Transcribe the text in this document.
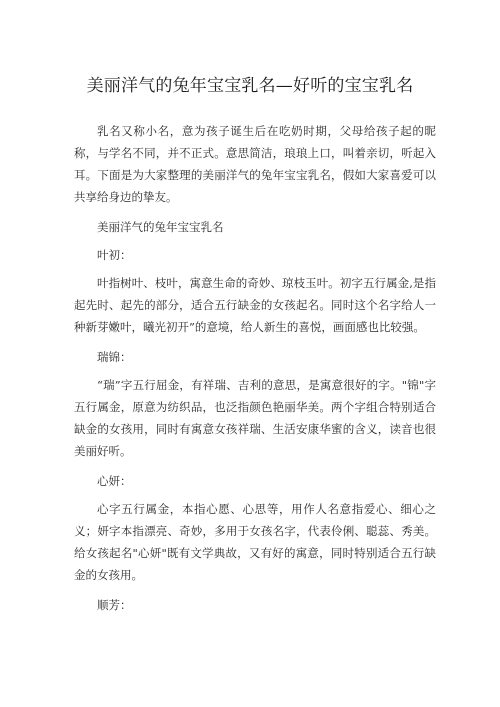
美丽洋气的兔年宝宝乳名—好听的宝宝乳名

乳名又称小名，意为孩子诞生后在吃奶时期，父母给孩子起的昵称，与学名不同，并不正式。意思简洁，琅琅上口，叫着亲切，听起入耳。下面是为大家整理的美丽洋气的兔年宝宝乳名，假如大家喜爱可以共享给身边的挚友。

美丽洋气的兔年宝宝乳名

叶初：

叶指树叶、枝叶，寓意生命的奇妙、琼枝玉叶。初字五行属金,是指起先时、起先的部分，适合五行缺金的女孩起名。同时这个名字给人一种新芽嫩叶，曦光初开”的意境，给人新生的喜悦，画面感也比较强。

瑞锦：

“瑞”字五行屈金，有祥瑞、吉利的意思，是寓意很好的字。"锦"字五行属金，原意为纺织品，也泛指颜色艳丽华美。两个字组合特别适合缺金的女孩用，同时有寓意女孩祥瑞、生活安康华蜜的含义，读音也很美丽好听。

心妍：

心字五行属金，本指心愿、心思等，用作人名意指爱心、细心之义；妍字本指漂亮、奇妙，多用于女孩名字，代表伶俐、聪蕊、秀美。给女孩起名"心妍"既有文学典故，又有好的寓意，同时特别适合五行缺金的女孩用。

顺芳：
